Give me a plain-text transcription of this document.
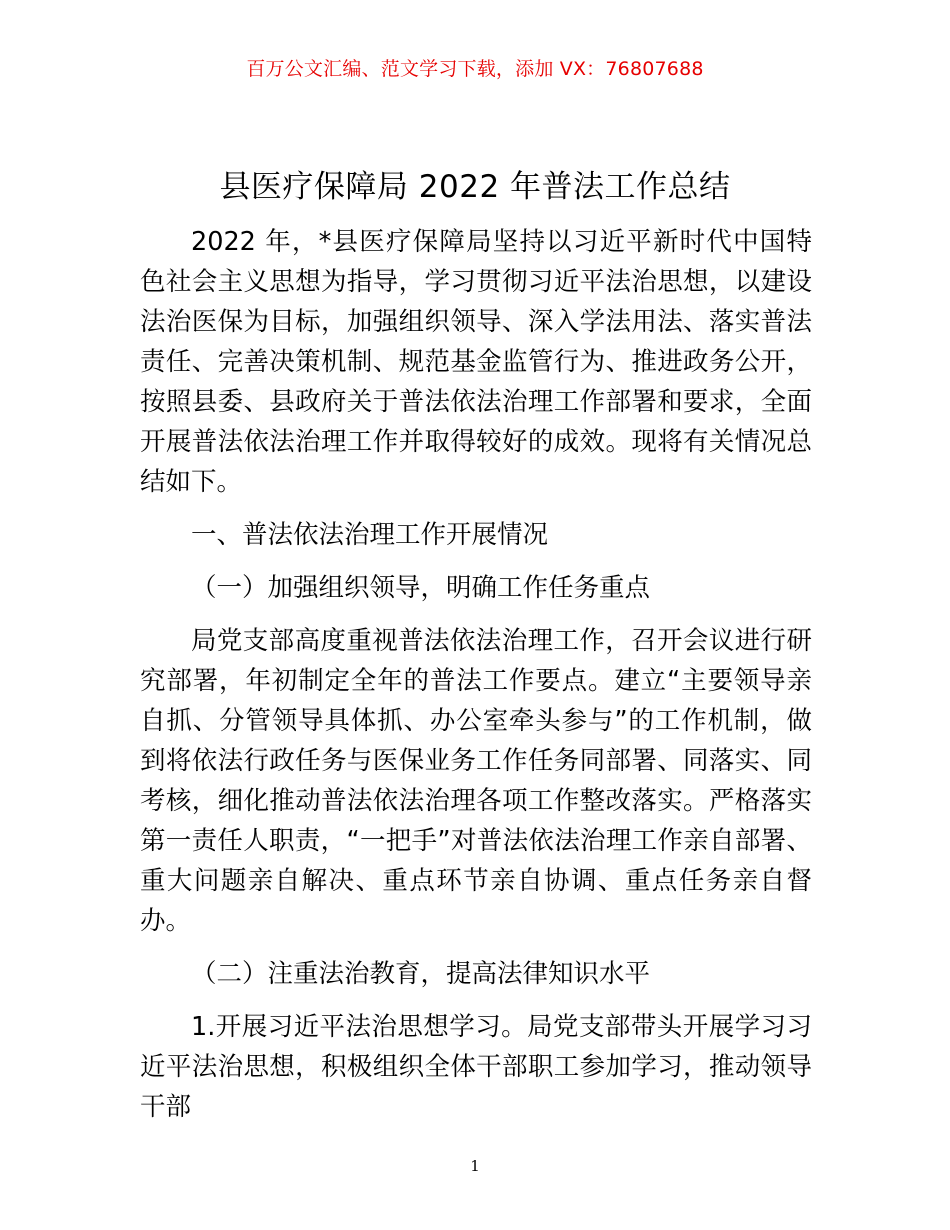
百万公文汇编、范文学习下载，添加 VX：76807688
县医疗保障局 2022 年普法工作总结

2022 年，*县医疗保障局坚持以习近平新时代中国特色社会主义思想为指导，学习贯彻习近平法治思想，以建设法治医保为目标，加强组织领导、深入学法用法、落实普法责任、完善决策机制、规范基金监管行为、推进政务公开，按照县委、县政府关于普法依法治理工作部署和要求，全面开展普法依法治理工作并取得较好的成效。现将有关情况总结如下。

一、普法依法治理工作开展情况

（一）加强组织领导，明确工作任务重点

局党支部高度重视普法依法治理工作，召开会议进行研究部署，年初制定全年的普法工作要点。建立“主要领导亲自抓、分管领导具体抓、办公室牵头参与”的工作机制，做到将依法行政任务与医保业务工作任务同部署、同落实、同考核，细化推动普法依法治理各项工作整改落实。严格落实第一责任人职责，“一把手”对普法依法治理工作亲自部署、重大问题亲自解决、重点环节亲自协调、重点任务亲自督办。

（二）注重法治教育，提高法律知识水平

1.开展习近平法治思想学习。局党支部带头开展学习习近平法治思想，积极组织全体干部职工参加学习，推动领导干部

1
